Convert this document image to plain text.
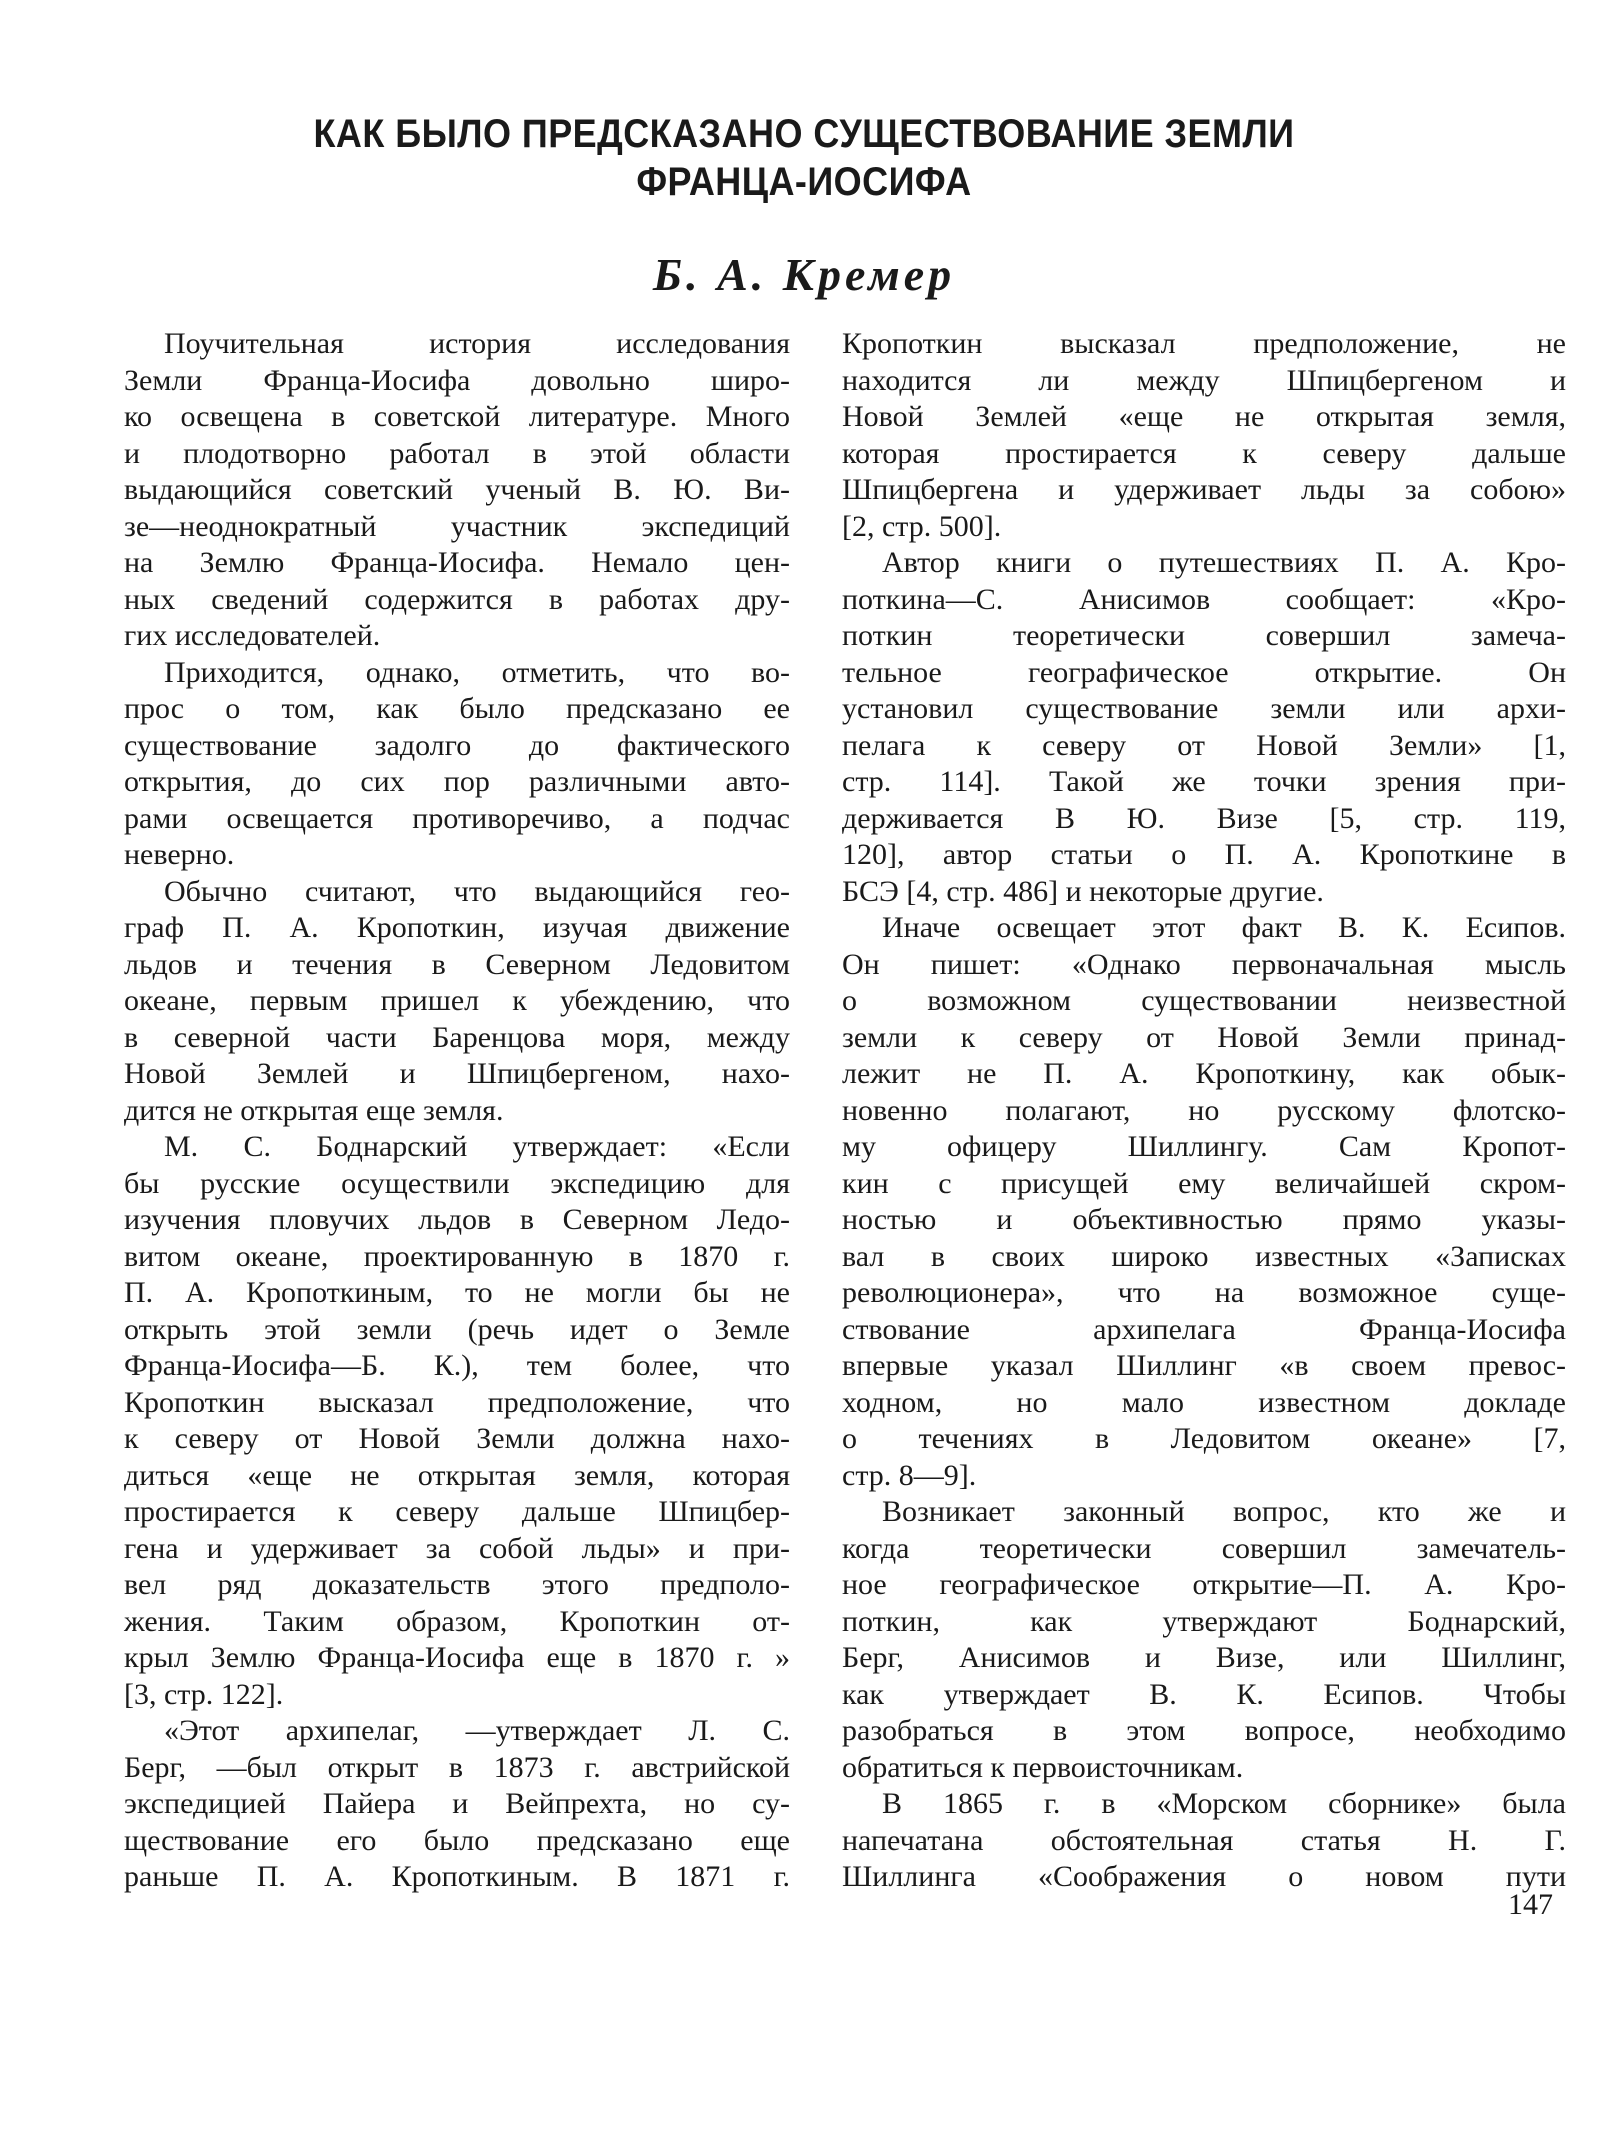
КАК БЫЛО ПРЕДСКАЗАНО СУЩЕСТВОВАНИЕ ЗЕМЛИ
ФРАНЦА-ИОСИФА
Б. А. Кремер
Поучительная история исследования
Земли Франца-Иосифа довольно широ-
ко освещена в советской литературе. Много
и плодотворно работал в этой области
выдающийся советский ученый В. Ю. Ви-
зе—неоднократный участник экспедиций
на Землю Франца-Иосифа. Немало цен-
ных сведений содержится в работах дру-
гих исследователей.
Приходится, однако, отметить, что во-
прос о том, как было предсказано ее
существование задолго до фактического
открытия, до сих пор различными авто-
рами освещается противоречиво, а подчас
неверно.
Обычно считают, что выдающийся гео-
граф П. А. Кропоткин, изучая движение
льдов и течения в Северном Ледовитом
океане, первым пришел к убеждению, что
в северной части Баренцова моря, между
Новой Землей и Шпицбергеном, нахо-
дится не открытая еще земля.
М. С. Боднарский утверждает: «Если
бы русские осуществили экспедицию для
изучения пловучих льдов в Северном Ледо-
витом океане, проектированную в 1870 г.
П. А. Кропоткиным, то не могли бы не
открыть этой земли (речь идет о Земле
Франца-Иосифа—Б. К.), тем более, что
Кропоткин высказал предположение, что
к северу от Новой Земли должна нахо-
диться «еще не открытая земля, которая
простирается к северу дальше Шпицбер-
гена и удерживает за собой льды» и при-
вел ряд доказательств этого предполо-
жения. Таким образом, Кропоткин от-
крыл Землю Франца-Иосифа еще в 1870 г. »
[3, стр. 122].
«Этот архипелаг, —утверждает Л. С.
Берг, —был открыт в 1873 г. австрийской
экспедицией Пайера и Вейпрехта, но су-
ществование его было предсказано еще
раньше П. А. Кропоткиным. В 1871 г.
Кропоткин высказал предположение, не
находится ли между Шпицбергеном и
Новой Землей «еще не открытая земля,
которая простирается к северу дальше
Шпицбергена и удерживает льды за собою»
[2, стр. 500].
Автор книги о путешествиях П. А. Кро-
поткина—С. Анисимов сообщает: «Кро-
поткин теоретически совершил замеча-
тельное географическое открытие. Он
установил существование земли или архи-
пелага к северу от Новой Земли» [1,
стр. 114]. Такой же точки зрения при-
держивается В Ю. Визе [5, стр. 119,
120], автор статьи о П. А. Кропоткине в
БСЭ [4, стр. 486] и некоторые другие.
Иначе освещает этот факт В. К. Есипов.
Он пишет: «Однако первоначальная мысль
о возможном существовании неизвестной
земли к северу от Новой Земли принад-
лежит не П. А. Кропоткину, как обык-
новенно полагают, но русскому флотско-
му офицеру Шиллингу. Сам Кропот-
кин с присущей ему величайшей скром-
ностью и объективностью прямо указы-
вал в своих широко известных «Записках
революционера», что на возможное суще-
ствование архипелага Франца-Иосифа
впервые указал Шиллинг «в своем превос-
ходном, но мало известном докладе
о течениях в Ледовитом океане» [7,
стр. 8—9].
Возникает законный вопрос, кто же и
когда теоретически совершил замечатель-
ное географическое открытие—П. А. Кро-
поткин, как утверждают Боднарский,
Берг, Анисимов и Визе, или Шиллинг,
как утверждает В. К. Есипов. Чтобы
разобраться в этом вопросе, необходимо
обратиться к первоисточникам.
В 1865 г. в «Морском сборнике» была
напечатана обстоятельная статья Н. Г.
Шиллинга «Соображения о новом пути
147
